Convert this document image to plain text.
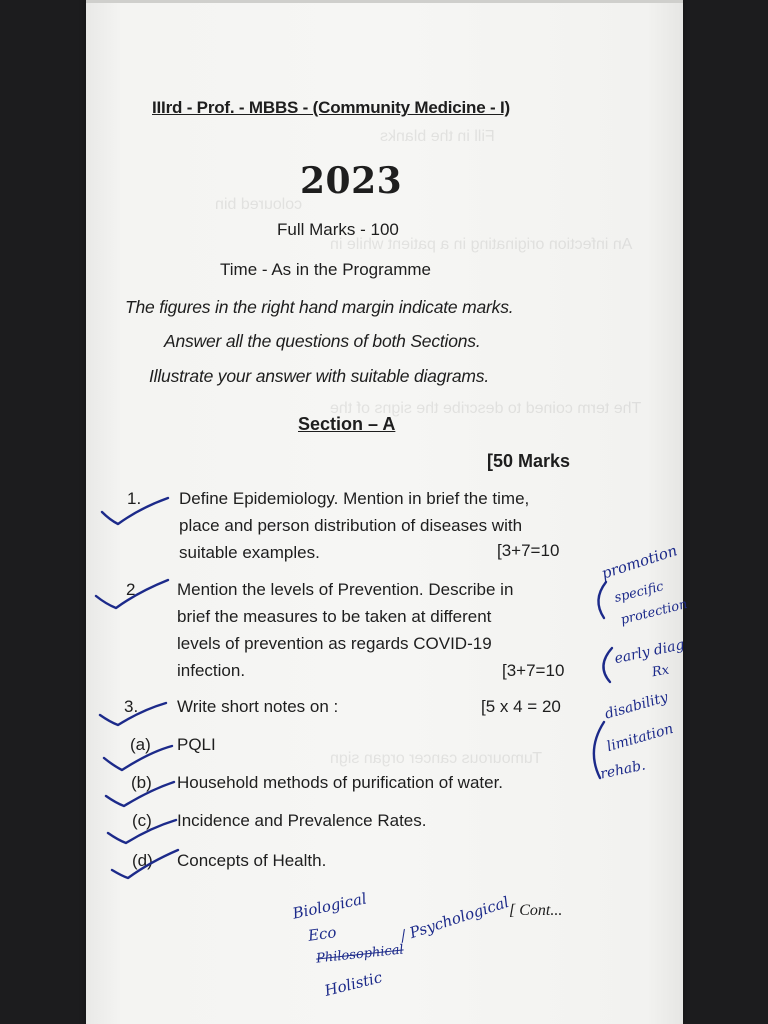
Fill in the blanks
coloured bin
An infection originating in a patient while in
The term coined to describe the signs of the
Tumourous cancer organ sign
IIIrd - Prof. - MBBS - (Community Medicine - I)
2023
Full Marks - 100
Time - As in the Programme
The figures in the right hand margin indicate marks.
Answer all the questions of both Sections.
Illustrate your answer with suitable diagrams.
Section – A
[50 Marks
1. Define Epidemiology. Mention in brief the time,
place and person distribution of diseases with
suitable examples.	[3+7=10
2. Mention the levels of Prevention. Describe in
brief the measures to be taken at different
levels of prevention as regards COVID-19
infection.	[3+7=10
3. Write short notes on :	[5 x 4 = 20
(a) PQLI
(b) Household methods of purification of water.
(c) Incidence and Prevalence Rates.
(d) Concepts of Health.
[ Cont...
promotion
specific
protection
early diag
Rx
disability
limitation
rehab.
Biological
Eco
Philosophical
/ Psychological
Holistic
